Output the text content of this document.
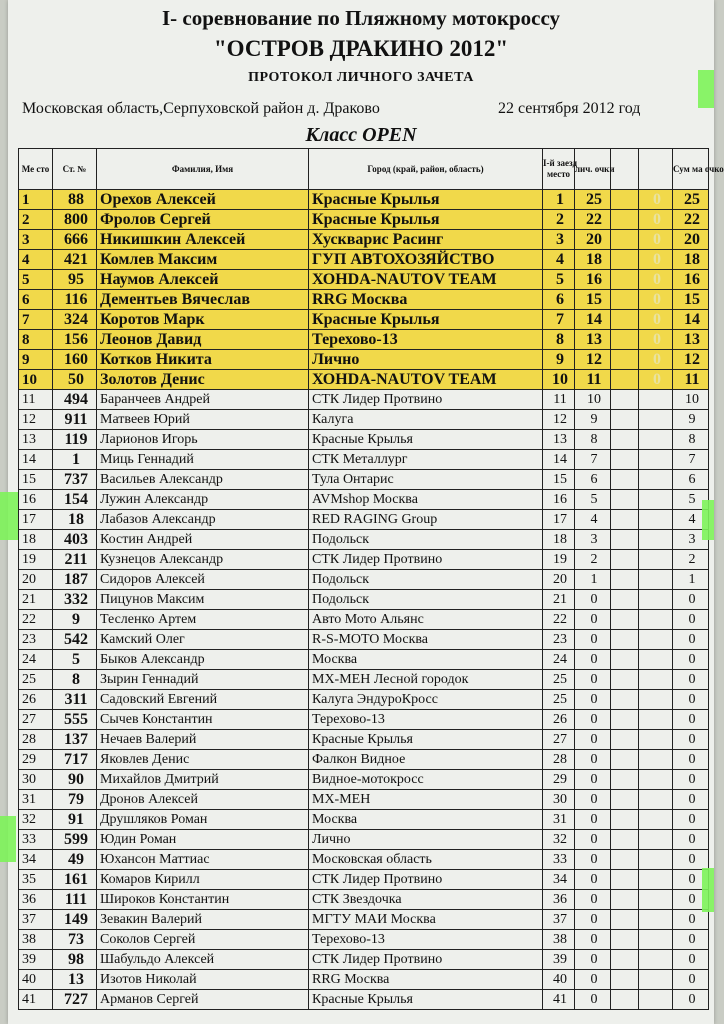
I- соревнование по Пляжному мотокроссу
"ОСТРОВ ДРАКИНО 2012"
ПРОТОКОЛ ЛИЧНОГО ЗАЧЕТА
Московская область,Серпуховской район д. Драково	22 сентября 2012 год
Класс OPEN
Ме сто	Ст. №	Фамилия, Имя	Город (край, район, область)	I-й заезд
место	лич. очки			Сум ма очко
1	88	Орехов Алексей	Красные Крылья	1	25		0	25
2	800	Фролов Сергей	Красные Крылья	2	22		0	22
3	666	Никишкин Алексей	Хускварис Расинг	3	20		0	20
4	421	Комлев Максим	ГУП АВТОХОЗЯЙСТВО	4	18		0	18
5	95	Наумов Алексей	ХОНDА-NAUTOV TEAM	5	16		0	16
6	116	Дементьев Вячеслав	RRG Москва	6	15		0	15
7	324	Коротов Марк	Красные Крылья	7	14		0	14
8	156	Леонов Давид	Терехово-13	8	13		0	13
9	160	Котков Никита	Лично	9	12		0	12
10	50	Золотов Денис	ХОНDА-NAUTOV TEAM	10	11		0	11
11	494	Баранчеев Андрей	СТК Лидер Протвино	11	10			10
12	911	Матвеев Юрий	Калуга	12	9			9
13	119	Ларионов Игорь	Красные Крылья	13	8			8
14	1	Миць Геннадий	СТК Металлург	14	7			7
15	737	Васильев Александр	Тула Онтарис	15	6			6
16	154	Лужин Александр	AVMshop Москва	16	5			5
17	18	Лабазов Александр	RED RAGING Group	17	4			4
18	403	Костин Андрей	Подольск	18	3			3
19	211	Кузнецов Александр	СТК Лидер Протвино	19	2			2
20	187	Сидоров Алексей	Подольск	20	1			1
21	332	Пицунов Максим	Подольск	21	0			0
22	9	Тесленко Артем	Авто Мото Альянс	22	0			0
23	542	Камский Олег	R-S-MOTO Москва	23	0			0
24	5	Быков Александр	Москва	24	0			0
25	8	Зырин Геннадий	MX-МЕН Лесной городок	25	0			0
26	311	Садовский Евгений	Калуга ЭндуроКросс	25	0			0
27	555	Сычев Константин	Терехово-13	26	0			0
28	137	Нечаев Валерий	Красные Крылья	27	0			0
29	717	Яковлев Денис	Фалкон Видное	28	0			0
30	90	Михайлов Дмитрий	Видное-мотокросс	29	0			0
31	79	Дронов Алексей	MX-МЕН	30	0			0
32	91	Друшляков Роман	Москва	31	0			0
33	599	Юдин Роман	Лично	32	0			0
34	49	Юхансон Маттиас	Московская область	33	0			0
35	161	Комаров Кирилл	СТК Лидер Протвино	34	0			0
36	111	Широков Константин	СТК Звездочка	36	0			0
37	149	Зевакин Валерий	МГТУ МАИ Москва	37	0			0
38	73	Соколов Сергей	Терехово-13	38	0			0
39	98	Шабульдо Алексей	СТК Лидер Протвино	39	0			0
40	13	Изотов Николай	RRG Москва	40	0			0
41	727	Арманов Сергей	Красные Крылья	41	0			0
